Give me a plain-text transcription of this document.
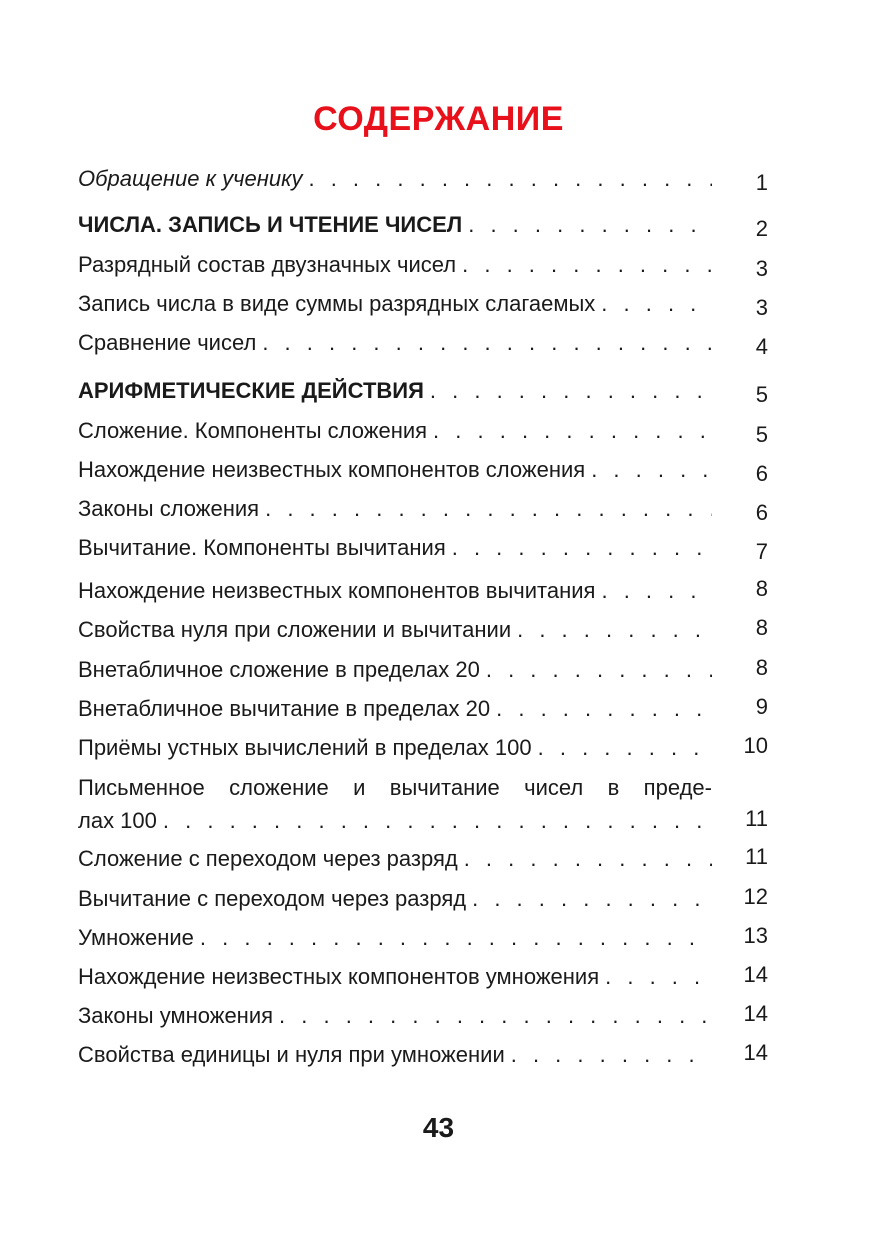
СОДЕРЖАНИЕ
Обращение к ученику . . .	1
ЧИСЛА. ЗАПИСЬ И ЧТЕНИЕ ЧИСЕЛ . . .	2
Разрядный состав двузначных чисел . . .	3
Запись числа в виде суммы разрядных слагаемых . . .	3
Сравнение чисел . . .	4
АРИФМЕТИЧЕСКИЕ ДЕЙСТВИЯ . . .	5
Сложение. Компоненты сложения . . .	5
Нахождение неизвестных компонентов сложения . . .	6
Законы сложения . . .	6
Вычитание. Компоненты вычитания . . .	7
Нахождение неизвестных компонентов вычитания . . .	8
Свойства нуля при сложении и вычитании . . .	8
Внетабличное сложение в пределах 20 . . .	8
Внетабличное вычитание в пределах 20 . . .	9
Приёмы устных вычислений в пределах 100 . . .	10
Письменное сложение и вычитание чисел в преде-
лах 100 . . .	11
Сложение с переходом через разряд . . .	11
Вычитание с переходом через разряд . . .	12
Умножение . . .	13
Нахождение неизвестных компонентов умножения . . .	14
Законы умножения . . .	14
Свойства единицы и нуля при умножении . . .	14
43
